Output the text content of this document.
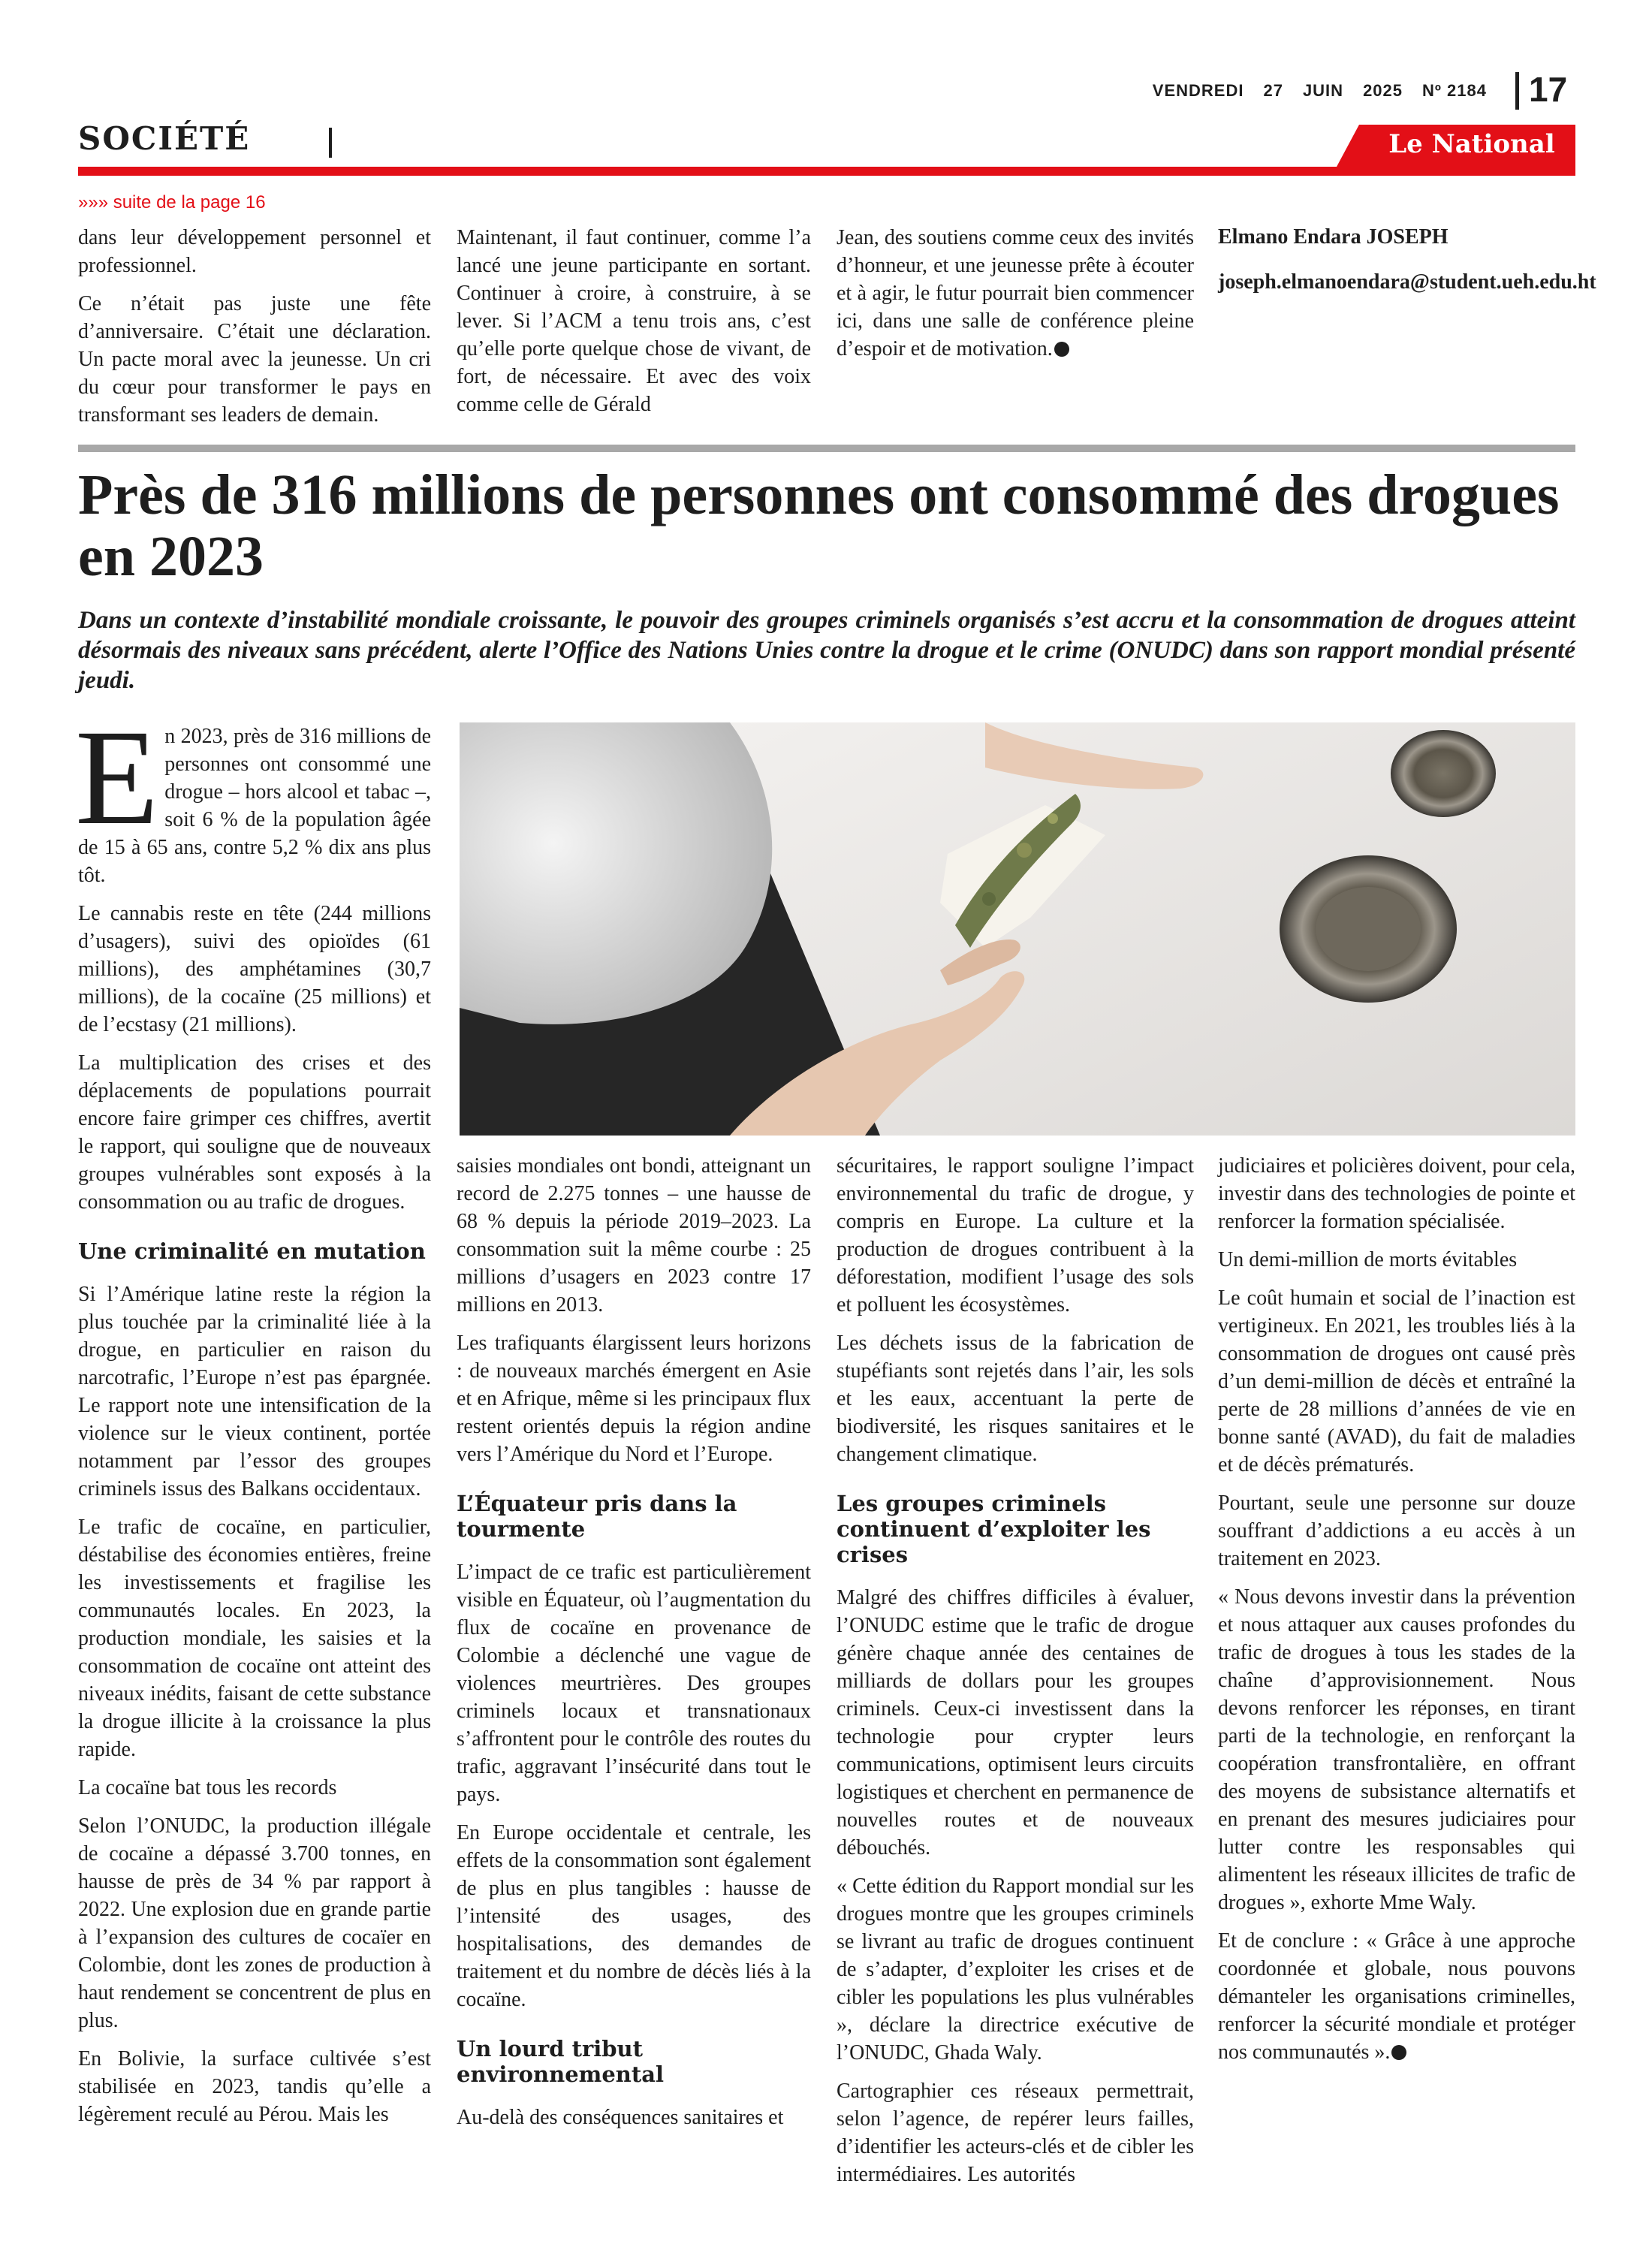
VENDREDI 27 JUIN 2025 Nº 2184 17
SOCIÉTÉ	Le National
»»» suite de la page 16

dans leur développement personnel et professionnel.

Ce n’était pas juste une fête d’anniversaire. C’était une déclaration. Un pacte moral avec la jeunesse. Un cri du cœur pour transformer le pays en transformant ses leaders de demain.

Maintenant, il faut continuer, comme l’a lancé une jeune participante en sortant. Continuer à croire, à construire, à se lever. Si l’ACM a tenu trois ans, c’est qu’elle porte quelque chose de vivant, de fort, de nécessaire. Et avec des voix comme celle de Gérald

Jean, des soutiens comme ceux des invités d’honneur, et une jeunesse prête à écouter et à agir, le futur pourrait bien commencer ici, dans une salle de conférence pleine d’espoir et de motivation.

Elmano Endara JOSEPH

joseph.elmanoendara@student.ueh.edu.ht

Près de 316 millions de personnes ont consommé des drogues en 2023
Dans un contexte d’instabilité mondiale croissante, le pouvoir des groupes criminels organisés s’est accru et la consommation de drogues atteint désormais des niveaux sans précédent, alerte l’Office des Nations Unies contre la drogue et le crime (ONUDC) dans son rapport mondial présenté jeudi.

En 2023, près de 316 millions de personnes ont consommé une drogue – hors alcool et tabac –, soit 6 % de la population âgée de 15 à 65 ans, contre 5,2 % dix ans plus tôt.

Le cannabis reste en tête (244 millions d’usagers), suivi des opioïdes (61 millions), des amphétamines (30,7 millions), de la cocaïne (25 millions) et de l’ecstasy (21 millions).

La multiplication des crises et des déplacements de populations pourrait encore faire grimper ces chiffres, avertit le rapport, qui souligne que de nouveaux groupes vulnérables sont exposés à la consommation ou au trafic de drogues.

Une criminalité en mutation

Si l’Amérique latine reste la région la plus touchée par la criminalité liée à la drogue, en particulier en raison du narcotrafic, l’Europe n’est pas épargnée. Le rapport note une intensification de la violence sur le vieux continent, portée notamment par l’essor des groupes criminels issus des Balkans occidentaux.

Le trafic de cocaïne, en particulier, déstabilise des économies entières, freine les investissements et fragilise les communautés locales. En 2023, la production mondiale, les saisies et la consommation de cocaïne ont atteint des niveaux inédits, faisant de cette substance la drogue illicite à la croissance la plus rapide.

La cocaïne bat tous les records

Selon l’ONUDC, la production illégale de cocaïne a dépassé 3.700 tonnes, en hausse de près de 34 % par rapport à 2022. Une explosion due en grande partie à l’expansion des cultures de cocaïer en Colombie, dont les zones de production à haut rendement se concentrent de plus en plus.

En Bolivie, la surface cultivée s’est stabilisée en 2023, tandis qu’elle a légèrement reculé au Pérou. Mais les

saisies mondiales ont bondi, atteignant un record de 2.275 tonnes – une hausse de 68 % depuis la période 2019–2023. La consommation suit la même courbe : 25 millions d’usagers en 2023 contre 17 millions en 2013.

Les trafiquants élargissent leurs horizons : de nouveaux marchés émergent en Asie et en Afrique, même si les principaux flux restent orientés depuis la région andine vers l’Amérique du Nord et l’Europe.

L’Équateur pris dans la tourmente

L’impact de ce trafic est particulièrement visible en Équateur, où l’augmentation du flux de cocaïne en provenance de Colombie a déclenché une vague de violences meurtrières. Des groupes criminels locaux et transnationaux s’affrontent pour le contrôle des routes du trafic, aggravant l’insécurité dans tout le pays.

En Europe occidentale et centrale, les effets de la consommation sont également de plus en plus tangibles : hausse de l’intensité des usages, des hospitalisations, des demandes de traitement et du nombre de décès liés à la cocaïne.

Un lourd tribut environnemental

Au-delà des conséquences sanitaires et

sécuritaires, le rapport souligne l’impact environnemental du trafic de drogue, y compris en Europe. La culture et la production de drogues contribuent à la déforestation, modifient l’usage des sols et polluent les écosystèmes.

Les déchets issus de la fabrication de stupéfiants sont rejetés dans l’air, les sols et les eaux, accentuant la perte de biodiversité, les risques sanitaires et le changement climatique.

Les groupes criminels continuent d’exploiter les crises

Malgré des chiffres difficiles à évaluer, l’ONUDC estime que le trafic de drogue génère chaque année des centaines de milliards de dollars pour les groupes criminels. Ceux-ci investissent dans la technologie pour crypter leurs communications, optimisent leurs circuits logistiques et cherchent en permanence de nouvelles routes et de nouveaux débouchés.

« Cette édition du Rapport mondial sur les drogues montre que les groupes criminels se livrant au trafic de drogues continuent de s’adapter, d’exploiter les crises et de cibler les populations les plus vulnérables », déclare la directrice exécutive de l’ONUDC, Ghada Waly.

Cartographier ces réseaux permettrait, selon l’agence, de repérer leurs failles, d’identifier les acteurs-clés et de cibler les intermédiaires. Les autorités

judiciaires et policières doivent, pour cela, investir dans des technologies de pointe et renforcer la formation spécialisée.

Un demi-million de morts évitables

Le coût humain et social de l’inaction est vertigineux. En 2021, les troubles liés à la consommation de drogues ont causé près d’un demi-million de décès et entraîné la perte de 28 millions d’années de vie en bonne santé (AVAD), du fait de maladies et de décès prématurés.

Pourtant, seule une personne sur douze souffrant d’addictions a eu accès à un traitement en 2023.

« Nous devons investir dans la prévention et nous attaquer aux causes profondes du trafic de drogues à tous les stades de la chaîne d’approvisionnement. Nous devons renforcer les réponses, en tirant parti de la technologie, en renforçant la coopération transfrontalière, en offrant des moyens de subsistance alternatifs et en prenant des mesures judiciaires pour lutter contre les responsables qui alimentent les réseaux illicites de trafic de drogues », exhorte Mme Waly.

Et de conclure : « Grâce à une approche coordonnée et globale, nous pouvons démanteler les organisations criminelles, renforcer la sécurité mondiale et protéger nos communautés ».
